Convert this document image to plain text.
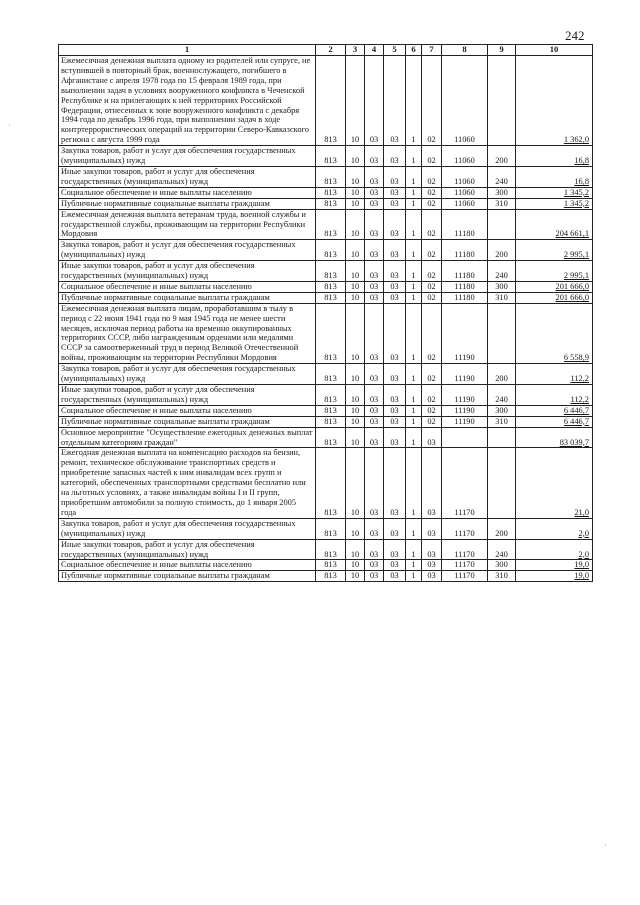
242
1	2	3	4	5	6	7	8	9	10
Ежемесячная денежная выплата одному из родителей или супруге, не вступившей в повторный брак, военнослужащего, погибшего в Афганистане с апреля 1978 года по 15 февраля 1989 года, при выполнении задач в условиях вооруженного конфликта в Чеченской Республике и на прилегающих к ней территориях Российской Федерации, отнесенных к зоне вооруженного конфликта с декабря 1994 года по декабрь 1996 года, при выполнении задач в ходе контртеррористических операций на территории Северо-Кавказского региона с августа 1999 года	813	10	03	03	1	02	11060		1 362,0
Закупка товаров, работ и услуг для обеспечения государственных (муниципальных) нужд	813	10	03	03	1	02	11060	200	16,8
Иные закупки товаров, работ и услуг для обеспечения государственных (муниципальных) нужд	813	10	03	03	1	02	11060	240	16,8
Социальное обеспечение и иные выплаты населению	813	10	03	03	1	02	11060	300	1 345,2
Публичные нормативные социальные выплаты гражданам	813	10	03	03	1	02	11060	310	1 345,2
Ежемесячная денежная выплата ветеранам труда, военной службы и государственной службы, проживающим на территории Республики Мордовия	813	10	03	03	1	02	11180		204 661,1
Закупка товаров, работ и услуг для обеспечения государственных (муниципальных) нужд	813	10	03	03	1	02	11180	200	2 995,1
Иные закупки товаров, работ и услуг для обеспечения государственных (муниципальных) нужд	813	10	03	03	1	02	11180	240	2 995,1
Социальное обеспечение и иные выплаты населению	813	10	03	03	1	02	11180	300	201 666,0
Публичные нормативные социальные выплаты гражданам	813	10	03	03	1	02	11180	310	201 666,0
Ежемесячная денежная выплата лицам, проработавшим в тылу в период с 22 июня 1941 года по 9 мая 1945 года не менее шести месяцев, исключая период работы на временно оккупированных территориях СССР, либо награжденным орденами или медалями СССР за самоотверженный труд в период Великой Отечественной войны, проживающим на территории Республики Мордовия	813	10	03	03	1	02	11190		6 558,9
Закупка товаров, работ и услуг для обеспечения государственных (муниципальных) нужд	813	10	03	03	1	02	11190	200	112,2
Иные закупки товаров, работ и услуг для обеспечения государственных (муниципальных) нужд	813	10	03	03	1	02	11190	240	112,2
Социальное обеспечение и иные выплаты населению	813	10	03	03	1	02	11190	300	6 446,7
Публичные нормативные социальные выплаты гражданам	813	10	03	03	1	02	11190	310	6 446,7
Основное мероприятие "Осуществление ежегодных денежных выплат отдельным категориям граждан"	813	10	03	03	1	03			83 039,7
Ежегодная денежная выплата на компенсацию расходов на бензин, ремонт, техническое обслуживание транспортных средств и приобретение запасных частей к ним инвалидам всех групп и категорий, обеспеченных транспортными средствами бесплатно или на льготных условиях, а также инвалидам войны I и II групп, приобретшим автомобили за полную стоимость, до 1 января 2005 года	813	10	03	03	1	03	11170		21,0
Закупка товаров, работ и услуг для обеспечения государственных (муниципальных) нужд	813	10	03	03	1	03	11170	200	2,0
Иные закупки товаров, работ и услуг для обеспечения государственных (муниципальных) нужд	813	10	03	03	1	03	11170	240	2,0
Социальное обеспечение и иные выплаты населению	813	10	03	03	1	03	11170	300	19,0
Публичные нормативные социальные выплаты гражданам	813	10	03	03	1	03	11170	310	19,0
·
·
